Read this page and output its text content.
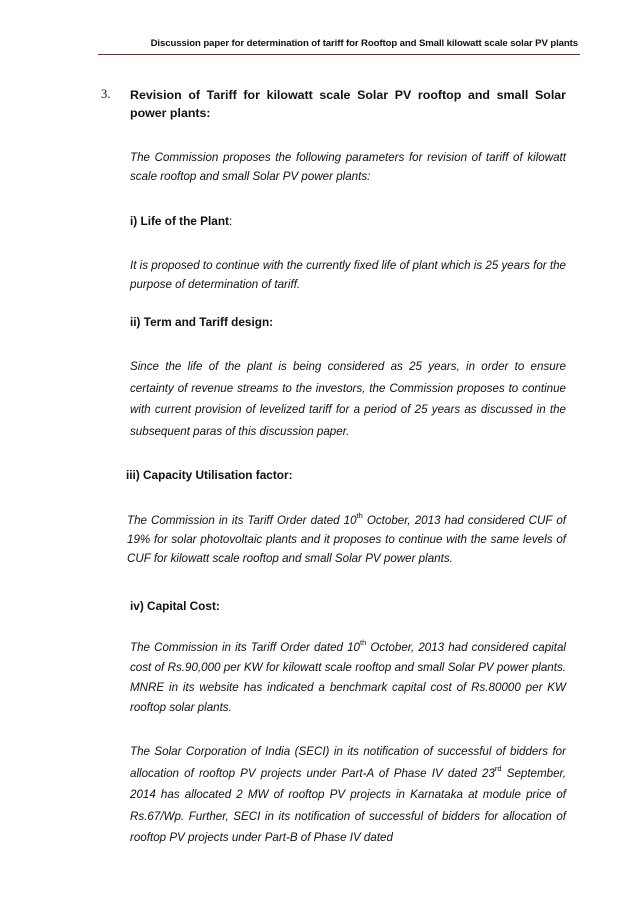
Discussion paper for determination of tariff for Rooftop and Small kilowatt scale solar PV plants
3. Revision of Tariff for kilowatt scale Solar PV rooftop and small Solar power plants:
The Commission proposes the following parameters for revision of tariff of kilowatt scale rooftop and small Solar PV power plants:
i) Life of the Plant:
It is proposed to continue with the currently fixed life of plant which is 25 years for the purpose of determination of tariff.
ii) Term and Tariff design:
Since the life of the plant is being considered as 25 years, in order to ensure certainty of revenue streams to the investors, the Commission proposes to continue with current provision of levelized tariff for a period of 25 years as discussed in the subsequent paras of this discussion paper.
iii) Capacity Utilisation factor:
The Commission in its Tariff Order dated 10th October, 2013 had considered CUF of 19% for solar photovoltaic plants and it proposes to continue with the same levels of CUF for kilowatt scale rooftop and small Solar PV power plants.
iv) Capital Cost:
The Commission in its Tariff Order dated 10th October, 2013 had considered capital cost of Rs.90,000 per KW for kilowatt scale rooftop and small Solar PV power plants. MNRE in its website has indicated a benchmark capital cost of Rs.80000 per KW rooftop solar plants.
The Solar Corporation of India (SECI) in its notification of successful of bidders for allocation of rooftop PV projects under Part-A of Phase IV dated 23rd September, 2014 has allocated 2 MW of rooftop PV projects in Karnataka at module price of Rs.67/Wp. Further, SECI in its notification of successful of bidders for allocation of rooftop PV projects under Part-B of Phase IV dated
